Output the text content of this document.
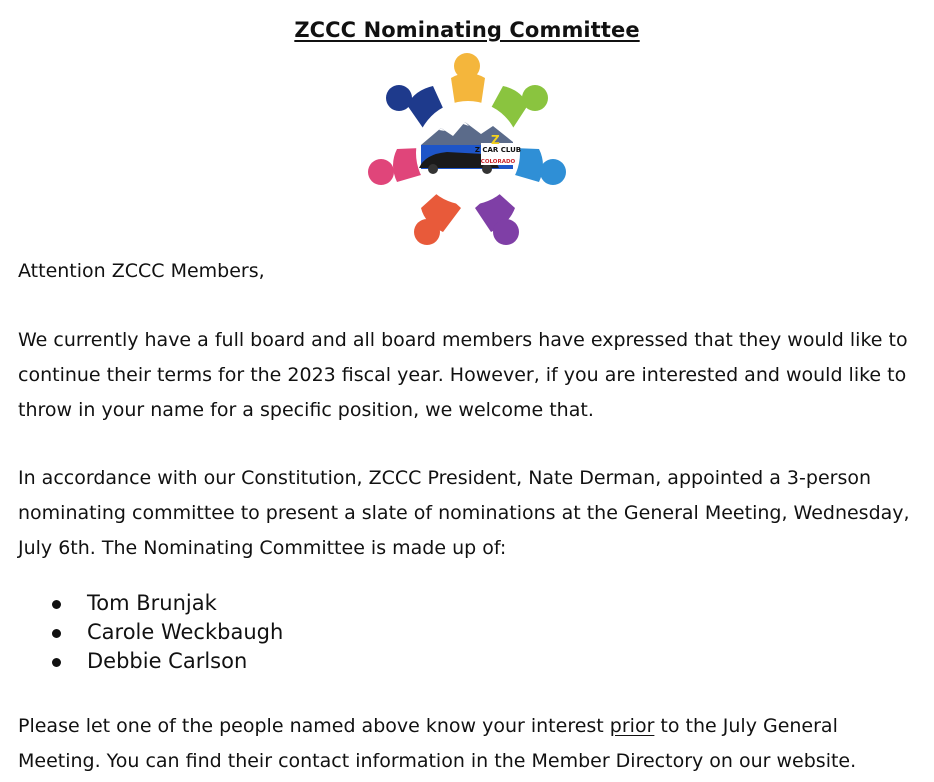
ZCCC Nominating Committee
Z CAR CLUB
COLORADO
Z

Attention ZCCC Members,

We currently have a full board and all board members have expressed that they would like to continue their terms for the 2023 fiscal year. However, if you are interested and would like to throw in your name for a specific position, we welcome that.

In accordance with our Constitution, ZCCC President, Nate Derman, appointed a 3-person nominating committee to present a slate of nominations at the General Meeting, Wednesday, July 6th. The Nominating Committee is made up of:

Tom Brunjak
Carole Weckbaugh
Debbie Carlson

Please let one of the people named above know your interest prior to the July General Meeting. You can find their contact information in the Member Directory on our website.
